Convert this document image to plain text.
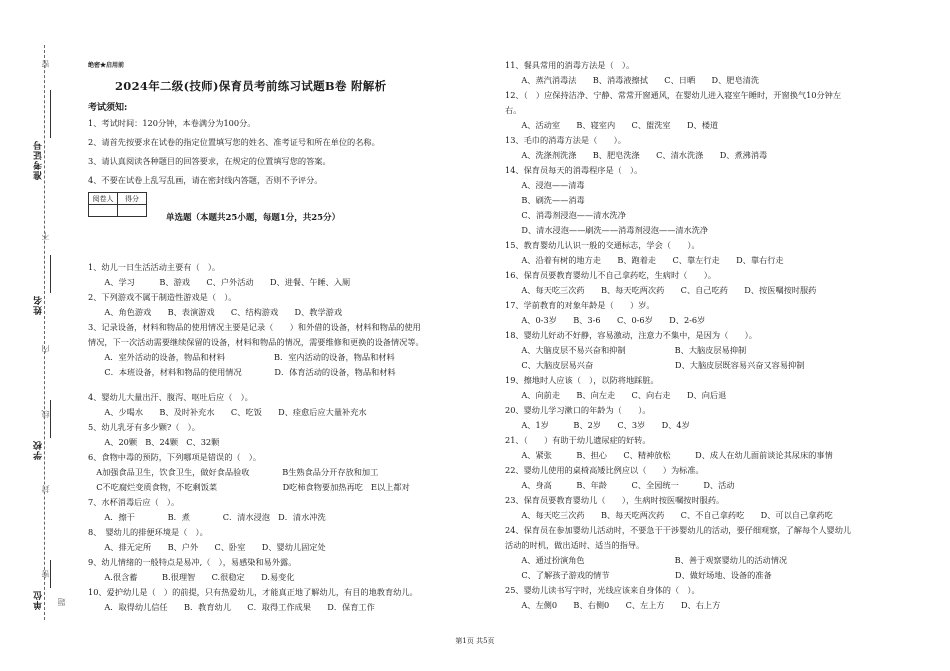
准考证号
姓名
学校
单位
密
不
内
线
封
密
题
绝密★启用前
2024年二级(技师)保育员考前练习试题B卷 附解析
考试须知:
1、考试时间：120分钟，本卷满分为100分。
2、请首先按要求在试卷的指定位置填写您的姓名、准考证号和所在单位的名称。
3、请认真阅读各种题目的回答要求，在规定的位置填写您的答案。
4、不要在试卷上乱写乱画，请在密封线内答题，否则不予评分。
阅卷人	得分

单选题（本题共25小题，每题1分，共25分）
1、幼儿一日生活活动主要有（　）。
　　A、学习　　　B、游戏　　C、户外活动　　D、进餐、午睡、入厕
2、下列游戏不属于制造性游戏是（　）。
　　A、角色游戏　　B、表演游戏　　C、结构游戏　　D、教学游戏
3、记录设备，材料和物品的使用情况主要是记录（　　）和外借的设备，材料和物品的使用
情况，下一次活动需要继续保留的设备，材料和物品的情况，需要维修和更换的设备情况等。
　　A．室外活动的设备，物品和材料　　　　　　B．室内活动的设备，物品和材料
　　C．本班设备，材料和物品的使用情况　　　　D．体育活动的设备，物品和材料
4、婴幼儿大量出汗、腹泻、呕吐后应（　）。
　　A、少喝水　　B、及时补充水　　C、吃饭　　D、痊愈后应大量补充水
5、幼儿乳牙有多少颗?（　）。
　　A、20颗　B、24颗　C、32颗
6、食物中毒的预防，下列哪项是错误的（　）。
　A加强食品卫生，饮食卫生，做好食品验收　　　　B生熟食品分开存放和加工
　C不吃腐烂变质食物，不吃剩饭菜　　　　　　　　D吃柿食物要加热再吃　E以上都对
7、水杯消毒后应（　）。
　　A．擦干　　　　B．煮　　　　C．清水浸泡　D．清水冲洗
8、　婴幼儿的排便环境是（　）。
　　A、排无定所　　B、户外　　C、卧室　　D、婴幼儿固定处
9、幼儿情绪的一般特点是易冲,（　），易感染和易外露。
　　A.很含蓄　　　B.很理智　　C.很稳定　　D.易变化
10、爱护幼儿是（　）的前提，只有热爱幼儿，才能真正地了解幼儿，有目的地教育幼儿。
　　A．取得幼儿信任　　B．教育幼儿　　C．取得工作成果　　D．保育工作
11、餐具常用的消毒方法是（　）。
　　A、蒸汽消毒法　　B、消毒液擦拭　　C、日晒　　D、肥皂清洗
12、（　）应保持洁净、宁静、常常开窗通风，在婴幼儿进入寝室午睡时，开窗换气10分钟左
右。
　　A、活动室　　B、寝室内　　C、盥洗室　　D、楼道
13、毛巾的消毒方法是（　　）。
　　A、洗涤剂洗涤　　B、肥皂洗涤　　C、清水洗涤　　D、煮沸消毒
14、保育员每天的消毒程序是（　）。
　　A、浸泡——清毒
　　B、刷洗——消毒
　　C、消毒剂浸泡——清水洗净
　　D、清水浸泡——刷洗——消毒剂浸泡——清水洗净
15、教育婴幼儿认识一般的交通标志，学会（　　）。
　　A、沿着有树的地方走　　B、跑着走　　C、靠左行走　　D、靠右行走
16、保育员要教育婴幼儿不自己拿药吃，生病时（　　）。
　　A、每天吃三次药　　B、每天吃两次药　　C、自己吃药　　D、按医嘱按时服药
17、学前教育的对象年龄是（　　）岁。
　　A、0-3岁　　B、3-6　　C、0-6岁　　D、2-6岁
18、婴幼儿好动不好静，容易激动，注意力不集中，是因为（　　）。
　　A、大脑皮层不易兴奋和抑制　　　　　　B、大脑皮层易抑制
　　C、大脑皮层易兴奋　　　　　　　　　　D、大脑皮层既容易兴奋又容易抑制
19、擦地时人应该（　），以防将地踩脏。
　　A、向前走　　B、向左走　　C、向右走　　D、向后退
20、婴幼儿学习漱口的年龄为（　　）。
　　A、1岁　　　B、2岁　　C、3岁　　D、4岁
21、（　　）有助于幼儿遗尿症的好转。
　　A、紧张　　　B、担心　　C、精神放松　　　D、成人在幼儿面前谈论其尿床的事情
22、婴幼儿使用的桌椅高矮比例应以（　　）为标准。
　　A、身高　　　B、年龄　　　C、全园统一　　　D、活动
23、保育员要教育婴幼儿（　　），生病时按医嘱按时服药。
　　A、每天吃三次药　　B、每天吃两次药　　C、不自己拿药吃　　D、可以自己拿药吃
24、保育员在参加婴幼儿活动时，不要急于干涉婴幼儿的活动，要仔细观察，了解每个人婴幼儿
活动的时机，做出适时、适当的指导。
　　A、通过扮演角色　　　　　　　　　　　B、善于观察婴幼儿的活动情况
　　C、了解孩子游戏的情节　　　　　　　　D、做好场地、设备的准备
25、婴幼儿读书写字时，光线应该来自身体的（　）。
　　A、左侧0　　B、右侧0　　C、左上方　　D、右上方
第1页 共5页
